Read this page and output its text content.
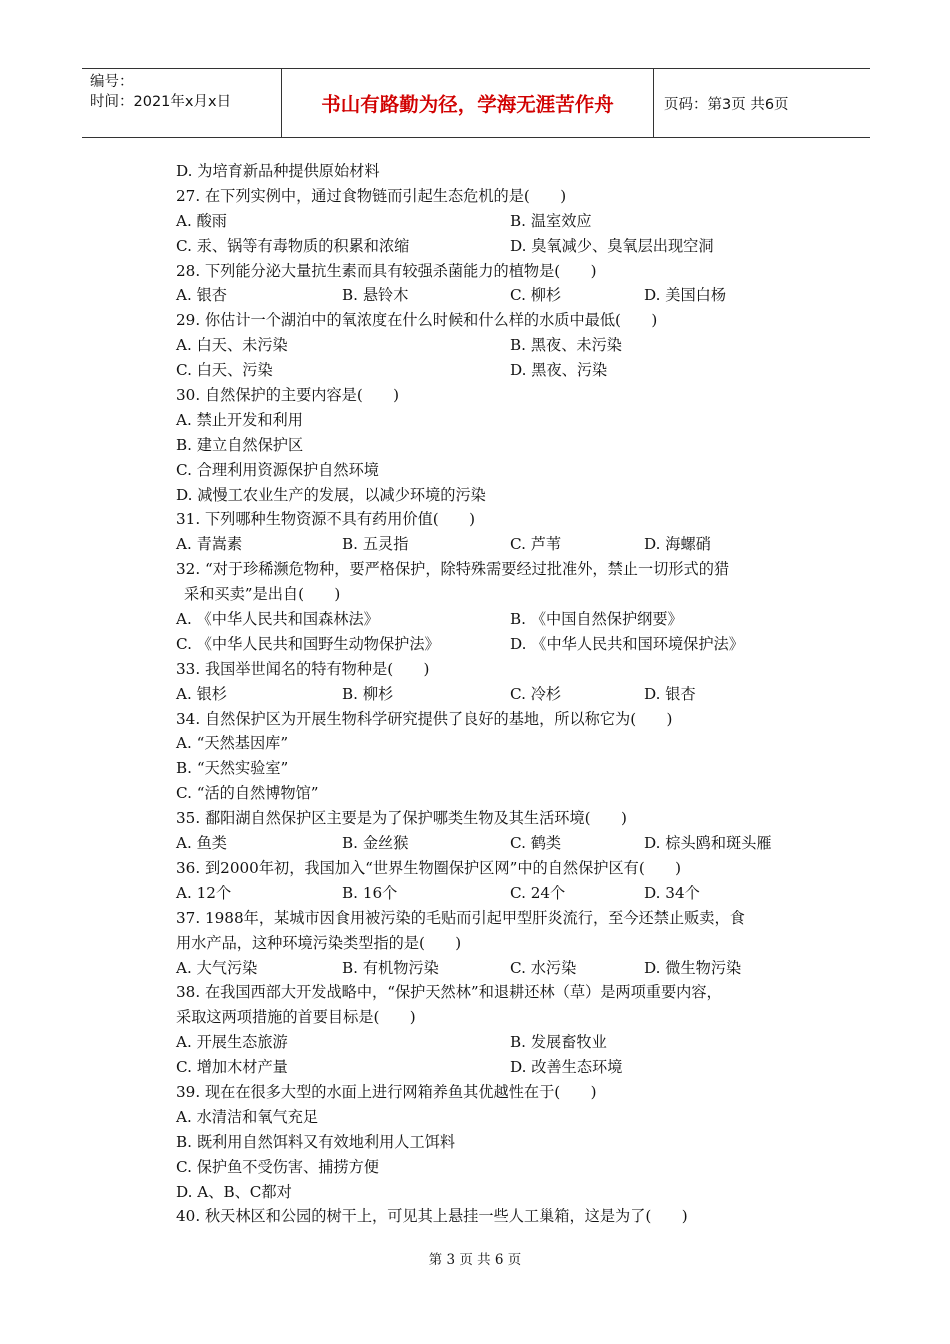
编号：
时间：2021年x月x日	书山有路勤为径，学海无涯苦作舟	页码：第3页 共6页
D. 为培育新品种提供原始材料
27. 在下列实例中，通过食物链而引起生态危机的是(　　)
A. 酸雨	B. 温室效应
C. 汞、锅等有毒物质的积累和浓缩	D. 臭氧减少、臭氧层出现空洞
28. 下列能分泌大量抗生素而具有较强杀菌能力的植物是(　　)
A. 银杏	B. 悬铃木	C. 柳杉	D. 美国白杨
29. 你估计一个湖泊中的氧浓度在什么时候和什么样的水质中最低(　　)
A. 白天、未污染	B. 黑夜、未污染
C. 白天、污染	D. 黑夜、污染
30. 自然保护的主要内容是(　　)
A. 禁止开发和利用
B. 建立自然保护区
C. 合理利用资源保护自然环境
D. 减慢工农业生产的发展，以减少环境的污染
31. 下列哪种生物资源不具有药用价值(　　)
A. 青嵩素	B. 五灵指	C. 芦苇	D. 海螺硝
32. “对于珍稀濒危物种，要严格保护，除特殊需要经过批准外，禁止一切形式的猎
采和买卖”是出自(　　)
A. 《中华人民共和国森林法》	B. 《中国自然保护纲要》
C. 《中华人民共和国野生动物保护法》	D. 《中华人民共和国环境保护法》
33. 我国举世闻名的特有物种是(　　)
A. 银杉	B. 柳杉	C. 冷杉	D. 银杏
34. 自然保护区为开展生物科学研究提供了良好的基地，所以称它为(　　)
A. “天然基因库”
B. “天然实验室”
C. “活的自然博物馆”
35. 鄱阳湖自然保护区主要是为了保护哪类生物及其生活环境(　　)
A. 鱼类	B. 金丝猴	C. 鹤类	D. 棕头鸥和斑头雁
36. 到2000年初，我国加入“世界生物圈保护区网”中的自然保护区有(　　)
A. 12个	B. 16个	C. 24个	D. 34个
37. 1988年，某城市因食用被污染的毛贴而引起甲型肝炎流行，至今还禁止贩卖，食
用水产品，这种环境污染类型指的是(　　)
A. 大气污染	B. 有机物污染	C. 水污染	D. 微生物污染
38. 在我国西部大开发战略中，“保护天然林”和退耕还林（草）是两项重要内容，
采取这两项措施的首要目标是(　　)
A. 开展生态旅游	B. 发展畜牧业
C. 增加木材产量	D. 改善生态环境
39. 现在在很多大型的水面上进行网箱养鱼其优越性在于(　　)
A. 水清洁和氧气充足
B. 既利用自然饵料又有效地利用人工饵料
C. 保护鱼不受伤害、捕捞方便
D. A、B、C都对
40. 秋天林区和公园的树干上，可见其上悬挂一些人工巢箱，这是为了(　　)
第 3 页 共 6 页
